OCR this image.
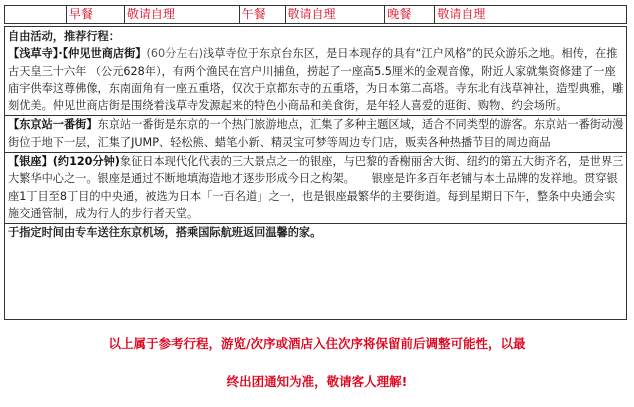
早餐	敬请自理	午餐	敬请自理	晚餐	敬请自理

自由活动，推荐行程：

【浅草寺】·【仲见世商店街】(60分左右)浅草寺位于东京台东区，是日本现存的具有“江户风格”的民众游乐之地。相传，在推古天皇三十六年 （公元628年），有两个渔民在宫户川捕鱼，捞起了一座高5.5厘米的金观音像，附近人家就集资修建了一座庙宇供奉这尊佛像，东南面角有一座五重塔，仅次于京都东寺的五重塔，为日本第二高塔。寺东北有浅草神社，造型典雅，雕刻优美。仲见世商店街是围绕着浅草寺发源起来的特色小商品和美食街，是年轻人喜爱的逛街、购物、约会场所。

【东京站一番街】东京站一番街是东京的一个热门旅游地点，汇集了多种主题区域，适合不同类型的游客。东京站一番街动漫街位于地下一层，汇集了JUMP、轻松熊、蜡笔小新、精灵宝可梦等周边专门店，贩卖各种热播节目的周边商品

【银座】(约120分钟)象征日本现代化代表的三大景点之一的银座，与巴黎的香榭丽舍大街、纽约的第五大街齐名，是世界三大繁华中心之一。银座是通过不断地填海造地才逐步形成今日之构架。　　银座是许多百年老铺与本土品牌的发祥地。贯穿银座1丁目至8丁目的中央通，被选为日本「一百名道」之一，也是银座最繁华的主要街道。每到星期日下午，整条中央通会实施交通管制，成为行人的步行者天堂。

于指定时间由专车送往东京机场，搭乘国际航班返回温馨的家。

以上属于参考行程，游览/次序或酒店入住次序将保留前后调整可能性，以最
终出团通知为准，敬请客人理解!
